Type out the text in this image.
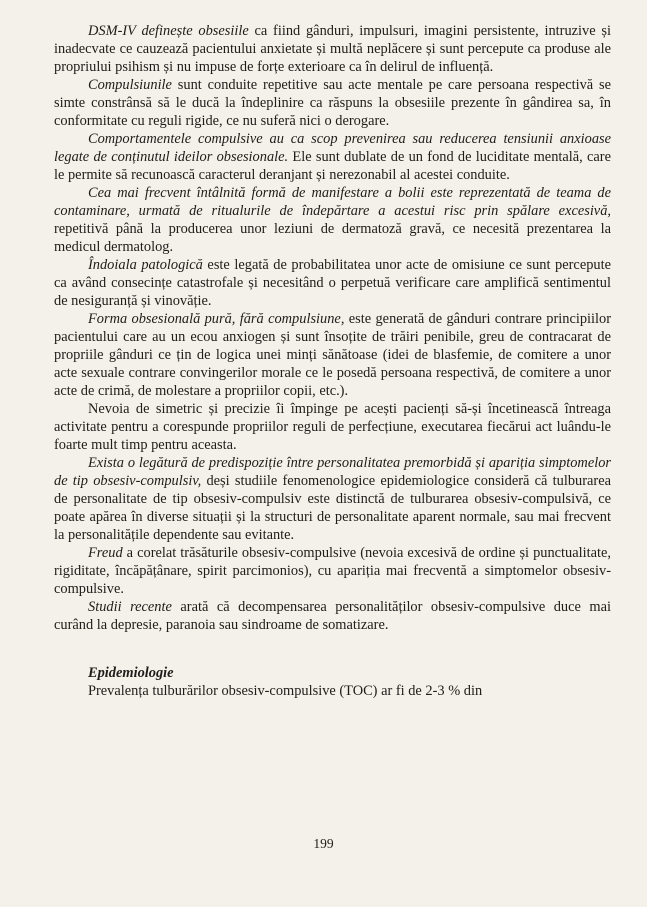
DSM-IV definește obsesiile ca fiind gânduri, impulsuri, imagini persistente, intruzive și inadecvate ce cauzează pacientului anxietate și multă neplăcere și sunt percepute ca produse ale propriului psihism și nu impuse de forțe exterioare ca în delirul de influență.

Compulsiunile sunt conduite repetitive sau acte mentale pe care persoana respectivă se simte constrânsă să le ducă la îndeplinire ca răspuns la obsesiile prezente în gândirea sa, în conformitate cu reguli rigide, ce nu suferă nici o derogare.

Comportamentele compulsive au ca scop prevenirea sau reducerea tensiunii anxioase legate de conținutul ideilor obsesionale. Ele sunt dublate de un fond de luciditate mentală, care le permite să recunoască caracterul deranjant și nerezonabil al acestei conduite.

Cea mai frecvent întâlnită formă de manifestare a bolii este reprezentată de teama de contaminare, urmată de ritualurile de îndepărtare a acestui risc prin spălare excesivă, repetitivă până la producerea unor leziuni de dermatoză gravă, ce necesită prezentarea la medicul dermatolog.

Îndoiala patologică este legată de probabilitatea unor acte de omisiune ce sunt percepute ca având consecințe catastrofale și necesitând o perpetuă verificare care amplifică sentimentul de nesiguranță și vinovăție.

Forma obsesională pură, fără compulsiune, este generată de gânduri contrare principiilor pacientului care au un ecou anxiogen și sunt însoțite de trăiri penibile, greu de contracarat de propriile gânduri ce țin de logica unei minți sănătoase (idei de blasfemie, de comitere a unor acte sexuale contrare convingerilor morale ce le posedă persoana respectivă, de comitere a unor acte de crimă, de molestare a propriilor copii, etc.).

Nevoia de simetric și precizie îi împinge pe acești pacienți să-și încetinească întreaga activitate pentru a corespunde propriilor reguli de perfecțiune, executarea fiecărui act luându-le foarte mult timp pentru aceasta.

Exista o legătură de predispoziție între personalitatea premorbidă și apariția simptomelor de tip obsesiv-compulsiv, deși studiile fenomenologice epidemiologice consideră că tulburarea de personalitate de tip obsesiv-compulsiv este distinctă de tulburarea obsesiv-compulsivă, ce poate apărea în diverse situații și la structuri de personalitate aparent normale, sau mai frecvent la personalitățile dependente sau evitante.

Freud a corelat trăsăturile obsesiv-compulsive (nevoia excesivă de ordine și punctualitate, rigiditate, încăpățânare, spirit parcimonios), cu apariția mai frecventă a simptomelor obsesiv-compulsive.

Studii recente arată că decompensarea personalităților obsesiv-compulsive duce mai curând la depresie, paranoia sau sindroame de somatizare.

Epidemiologie

Prevalența tulburărilor obsesiv-compulsive (TOC) ar fi de 2-3 % din

199
